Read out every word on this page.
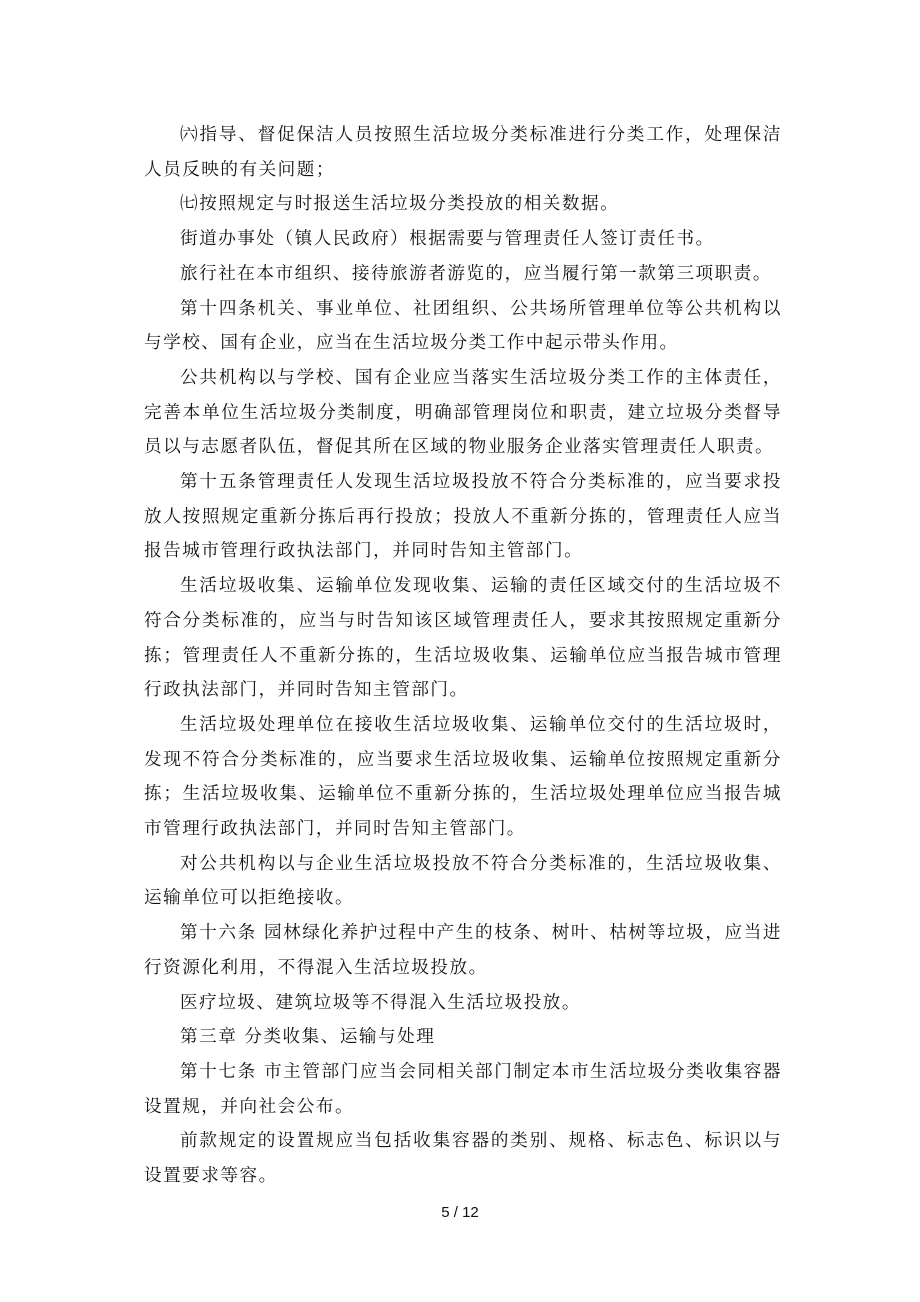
㈥指导、督促保洁人员按照生活垃圾分类标准进行分类工作，处理保洁人员反映的有关问题；

㈦按照规定与时报送生活垃圾分类投放的相关数据。

街道办事处（镇人民政府）根据需要与管理责任人签订责任书。

旅行社在本市组织、接待旅游者游览的，应当履行第一款第三项职责。

第十四条机关、事业单位、社团组织、公共场所管理单位等公共机构以与学校、国有企业，应当在生活垃圾分类工作中起示带头作用。

公共机构以与学校、国有企业应当落实生活垃圾分类工作的主体责任，完善本单位生活垃圾分类制度，明确部管理岗位和职责，建立垃圾分类督导员以与志愿者队伍，督促其所在区域的物业服务企业落实管理责任人职责。

第十五条管理责任人发现生活垃圾投放不符合分类标准的，应当要求投放人按照规定重新分拣后再行投放；投放人不重新分拣的，管理责任人应当报告城市管理行政执法部门，并同时告知主管部门。

生活垃圾收集、运输单位发现收集、运输的责任区域交付的生活垃圾不符合分类标准的，应当与时告知该区域管理责任人，要求其按照规定重新分拣；管理责任人不重新分拣的，生活垃圾收集、运输单位应当报告城市管理行政执法部门，并同时告知主管部门。

生活垃圾处理单位在接收生活垃圾收集、运输单位交付的生活垃圾时，发现不符合分类标准的，应当要求生活垃圾收集、运输单位按照规定重新分拣；生活垃圾收集、运输单位不重新分拣的，生活垃圾处理单位应当报告城市管理行政执法部门，并同时告知主管部门。

对公共机构以与企业生活垃圾投放不符合分类标准的，生活垃圾收集、运输单位可以拒绝接收。

第十六条 园林绿化养护过程中产生的枝条、树叶、枯树等垃圾，应当进行资源化利用，不得混入生活垃圾投放。

医疗垃圾、建筑垃圾等不得混入生活垃圾投放。

第三章 分类收集、运输与处理

第十七条 市主管部门应当会同相关部门制定本市生活垃圾分类收集容器设置规，并向社会公布。

前款规定的设置规应当包括收集容器的类别、规格、标志色、标识以与设置要求等容。

5 / 12
